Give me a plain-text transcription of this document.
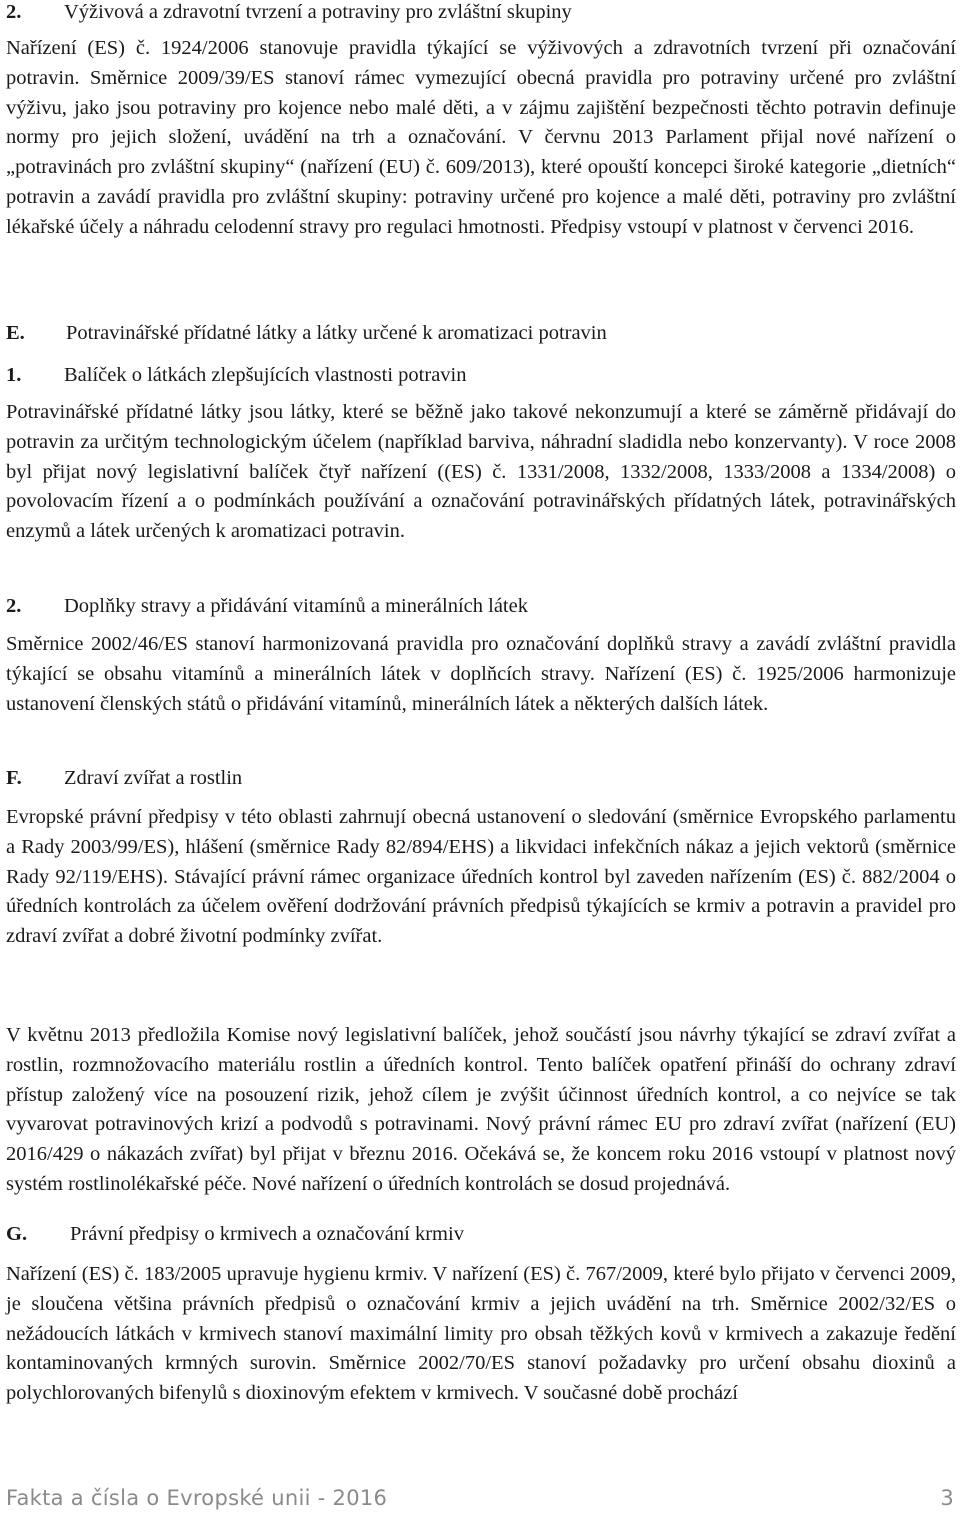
2.	Výživová a zdravotní tvrzení a potraviny pro zvláštní skupiny

Nařízení (ES) č. 1924/2006 stanovuje pravidla týkající se výživových a zdravotních tvrzení při označování potravin. Směrnice 2009/39/ES stanoví rámec vymezující obecná pravidla pro potraviny určené pro zvláštní výživu, jako jsou potraviny pro kojence nebo malé děti, a v zájmu zajištění bezpečnosti těchto potravin definuje normy pro jejich složení, uvádění na trh a označování. V červnu 2013 Parlament přijal nové nařízení o „potravinách pro zvláštní skupiny“ (nařízení (EU) č. 609/2013), které opouští koncepci široké kategorie „dietních“ potravin a zavádí pravidla pro zvláštní skupiny: potraviny určené pro kojence a malé děti, potraviny pro zvláštní lékařské účely a náhradu celodenní stravy pro regulaci hmotnosti. Předpisy vstoupí v platnost v červenci 2016.

E.	Potravinářské přídatné látky a látky určené k aromatizaci potravin
1.	Balíček o látkách zlepšujících vlastnosti potravin

Potravinářské přídatné látky jsou látky, které se běžně jako takové nekonzumují a které se záměrně přidávají do potravin za určitým technologickým účelem (například barviva, náhradní sladidla nebo konzervanty). V roce 2008 byl přijat nový legislativní balíček čtyř nařízení ((ES) č. 1331/2008, 1332/2008, 1333/2008 a 1334/2008) o povolovacím řízení a o podmínkách používání a označování potravinářských přídatných látek, potravinářských enzymů a látek určených k aromatizaci potravin.

2.	Doplňky stravy a přidávání vitamínů a minerálních látek

Směrnice 2002/46/ES stanoví harmonizovaná pravidla pro označování doplňků stravy a zavádí zvláštní pravidla týkající se obsahu vitamínů a minerálních látek v doplňcích stravy. Nařízení (ES) č. 1925/2006 harmonizuje ustanovení členských států o přidávání vitamínů, minerálních látek a některých dalších látek.

F.	Zdraví zvířat a rostlin

Evropské právní předpisy v této oblasti zahrnují obecná ustanovení o sledování (směrnice Evropského parlamentu a Rady 2003/99/ES), hlášení (směrnice Rady 82/894/EHS) a likvidaci infekčních nákaz a jejich vektorů (směrnice Rady 92/119/EHS). Stávající právní rámec organizace úředních kontrol byl zaveden nařízením (ES) č. 882/2004 o úředních kontrolách za účelem ověření dodržování právních předpisů týkajících se krmiv a potravin a pravidel pro zdraví zvířat a dobré životní podmínky zvířat.

V květnu 2013 předložila Komise nový legislativní balíček, jehož součástí jsou návrhy týkající se zdraví zvířat a rostlin, rozmnožovacího materiálu rostlin a úředních kontrol. Tento balíček opatření přináší do ochrany zdraví přístup založený více na posouzení rizik, jehož cílem je zvýšit účinnost úředních kontrol, a co nejvíce se tak vyvarovat potravinových krizí a podvodů s potravinami. Nový právní rámec EU pro zdraví zvířat (nařízení (EU) 2016/429 o nákazách zvířat) byl přijat v březnu 2016. Očekává se, že koncem roku 2016 vstoupí v platnost nový systém rostlinolékařské péče. Nové nařízení o úředních kontrolách se dosud projednává.

G.	Právní předpisy o krmivech a označování krmiv

Nařízení (ES) č. 183/2005 upravuje hygienu krmiv. V nařízení (ES) č. 767/2009, které bylo přijato v červenci 2009, je sloučena většina právních předpisů o označování krmiv a jejich uvádění na trh. Směrnice 2002/32/ES o nežádoucích látkách v krmivech stanoví maximální limity pro obsah těžkých kovů v krmivech a zakazuje ředění kontaminovaných krmných surovin. Směrnice 2002/70/ES stanoví požadavky pro určení obsahu dioxinů a polychlorovaných bifenylů s dioxinovým efektem v krmivech. V současné době prochází

Fakta a čísla o Evropské unii - 2016	3
